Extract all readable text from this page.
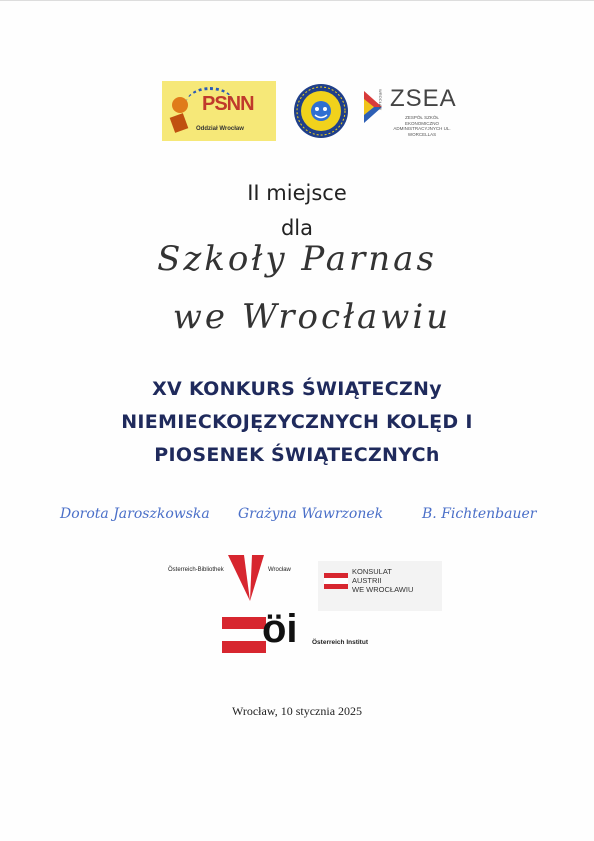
PSNN
Oddział Wrocław
WROCŁAW ZSEA
ZESPÓŁ SZKÓŁ EKONOMICZNO ADMINISTRACYJNYCH UL. WORCELLAS
II miejsce
dla
Szkoły Parnas
we Wrocławiu
XV KONKURS ŚWIĄTECZNy
NIEMIECKOJĘZYCZNYCH KOLĘD I
PIOSENEK ŚWIĄTECZNYCh
Dorota Jaroszkowska Grażyna Wawrzonek	B. Fichtenbauer
Österreich-Bibliothek	Wrocław	KONSULAT
AUSTRII
WE WROCŁAWIU
öi Österreich Institut
Wrocław, 10 stycznia 2025
